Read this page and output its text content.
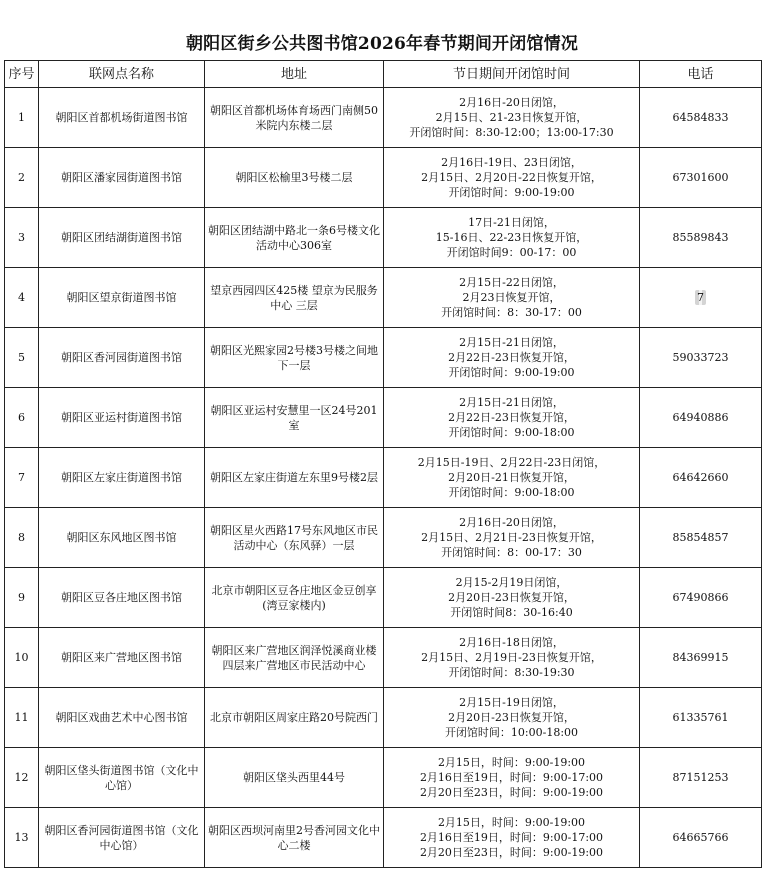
朝阳区街乡公共图书馆2026年春节期间开闭馆情况
序号	联网点名称	地址	节日期间开闭馆时间	电话
1	朝阳区首都机场街道图书馆	朝阳区首都机场体育场西门南侧50米院内东楼二层	2月16日-20日闭馆，
2月15日、21-23日恢复开馆，
开闭馆时间：8:30-12:00；13:00-17:30	64584833
2	朝阳区潘家园街道图书馆	朝阳区松榆里3号楼二层	2月16日-19日、23日闭馆，
2月15日、2月20日-22日恢复开馆，
开闭馆时间：9:00-19:00	67301600
3	朝阳区团结湖街道图书馆	朝阳区团结湖中路北一条6号楼文化活动中心306室	17日-21日闭馆，
15-16日、22-23日恢复开馆，
开闭馆时间9：00-17：00	85589843
4	朝阳区望京街道图书馆	望京西园四区425楼 望京为民服务中心 三层	2月15日-22日闭馆，
2月23日恢复开馆，
开闭馆时间：8：30-17：00	7
5	朝阳区香河园街道图书馆	朝阳区光熙家园2号楼3号楼之间地下一层	2月15日-21日闭馆，
2月22日-23日恢复开馆，
开闭馆时间：9:00-19:00	59033723
6	朝阳区亚运村街道图书馆	朝阳区亚运村安慧里一区24号201室	2月15日-21日闭馆，
2月22日-23日恢复开馆，
开闭馆时间：9:00-18:00	64940886
7	朝阳区左家庄街道图书馆	朝阳区左家庄街道左东里9号楼2层	2月15日-19日、2月22日-23日闭馆，
2月20日-21日恢复开馆，
开闭馆时间：9:00-18:00	64642660
8	朝阳区东风地区图书馆	朝阳区星火西路17号东风地区市民活动中心（东风驿）一层	2月16日-20日闭馆，
2月15日、2月21日-23日恢复开馆，
开闭馆时间：8：00-17：30	85854857
9	朝阳区豆各庄地区图书馆	北京市朝阳区豆各庄地区金豆创享(湾豆家楼内)	2月15-2月19日闭馆，
2月20日-23日恢复开馆，
开闭馆时间8：30-16:40	67490866
10	朝阳区来广营地区图书馆	朝阳区来广营地区润泽悦溪商业楼四层来广营地区市民活动中心	2月16日-18日闭馆，
2月15日、2月19日-23日恢复开馆，
开闭馆时间：8:30-19:30	84369915
11	朝阳区戏曲艺术中心图书馆	北京市朝阳区周家庄路20号院西门	2月15日-19日闭馆，
2月20日-23日恢复开馆，
开闭馆时间：10:00-18:00	61335761
12	朝阳区垡头街道图书馆（文化中心馆）	朝阳区垡头西里44号	2月15日，时间：9:00-19:00
2月16日至19日，时间：9:00-17:00
2月20日至23日，时间：9:00-19:00	87151253
13	朝阳区香河园街道图书馆（文化中心馆）	朝阳区西坝河南里2号香河园文化中心二楼	2月15日，时间：9:00-19:00
2月16日至19日，时间：9:00-17:00
2月20日至23日，时间：9:00-19:00	64665766
